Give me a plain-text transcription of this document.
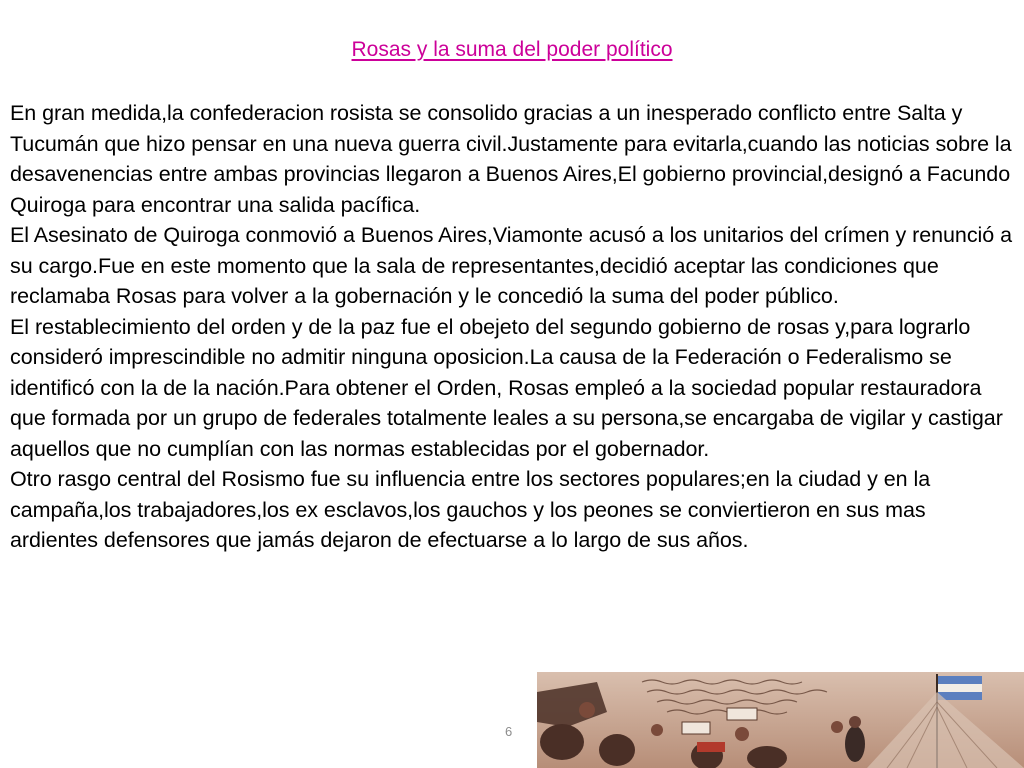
Rosas y la suma del poder político

En gran medida,la confederacion rosista se consolido gracias a un inesperado conflicto entre Salta y Tucumán que hizo pensar en una nueva guerra civil.Justamente para evitarla,cuando las noticias sobre la desavenencias entre ambas provincias llegaron a Buenos Aires,El gobierno provincial,designó a Facundo Quiroga para encontrar una salida pacífica.

El Asesinato de Quiroga conmovió a Buenos Aires,Viamonte acusó a los unitarios del crímen y renunció a su cargo.Fue en este momento que la sala de representantes,decidió aceptar las condiciones que reclamaba Rosas para volver a la gobernación y le concedió la suma del poder público.

El restablecimiento del orden y de la paz fue el obejeto del segundo gobierno de rosas y,para lograrlo consideró imprescindible no admitir ninguna oposicion.La causa de la Federación o Federalismo se identificó con la de la nación.Para obtener el Orden, Rosas empleó a la sociedad popular restauradora que formada por un grupo de federales totalmente leales a su persona,se encargaba de vigilar y castigar aquellos que no cumplían con las normas establecidas por el gobernador.

Otro rasgo central del Rosismo fue su influencia entre los sectores populares;en la ciudad y en la campaña,los trabajadores,los ex esclavos,los gauchos y los peones se conviertieron en sus mas ardientes defensores que jamás dejaron de efectuarse a lo largo de sus años.

6
